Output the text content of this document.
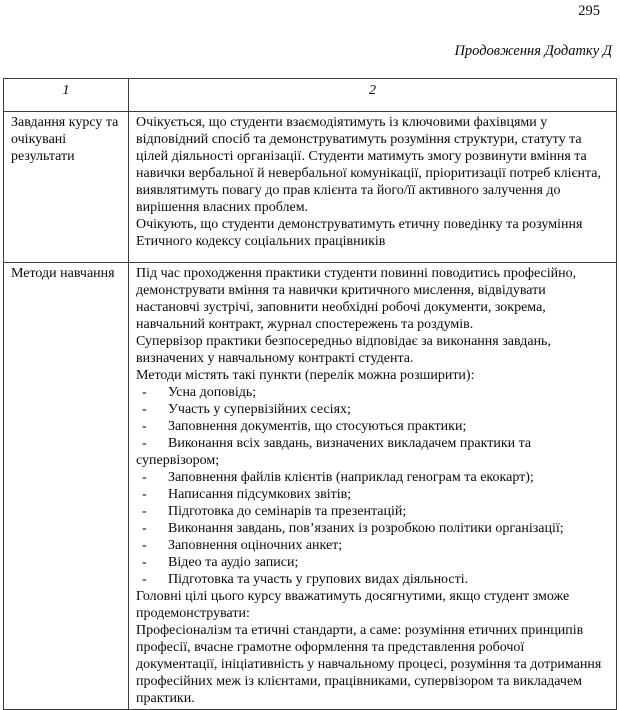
295
Продовження Додатку Д
1	2
Завдання курсу та очікувані результати	Очікується, що студенти взаємодіятимуть із ключовими фахівцями у відповідний спосіб та демонструватимуть розуміння структури, статуту та цілей діяльності організації. Студенти матимуть змогу розвинути вміння та навички вербальної й невербальної комунікації, пріоритизації потреб клієнта, виявлятимуть повагу до прав клієнта та його/її активного залучення до вирішення власних проблем.
Очікують, що студенти демонструватимуть етичну поведінку та розуміння Етичного кодексу соціальних працівників

Методи навчання	Під час проходження практики студенти повинні поводитись професійно, демонструвати вміння та навички критичного мислення, відвідувати настановчі зустрічі, заповнити необхідні робочі документи, зокрема, навчальний контракт, журнал спостережень та роздумів.
Супервізор практики безпосередньо відповідає за виконання завдань, визначених у навчальному контракті студента.
Методи містять такі пункти (перелік можна розширити):
- Усна доповідь;
- Участь у супервізійних сесіях;
- Заповнення документів, що стосуються практики;
- Виконання всіх завдань, визначених викладачем практики та супервізором;
- Заповнення файлів клієнтів (наприклад генограм та екокарт);
- Написання підсумкових звітів;
- Підготовка до семінарів та презентацій;
- Виконання завдань, пов’язаних із розробкою політики організації;
- Заповнення оціночних анкет;
- Відео та аудіо записи;
- Підготовка та участь у групових видах діяльності.
Головні цілі цього курсу вважатимуть досягнутими, якщо студент зможе продемонструвати:
Професіоналізм та етичні стандарти, а саме: розуміння етичних принципів професії, вчасне грамотне оформлення та представлення робочої документації, ініціативність у навчальному процесі, розуміння та дотримання професійних меж із клієнтами, працівниками, супервізором та викладачем практики.
